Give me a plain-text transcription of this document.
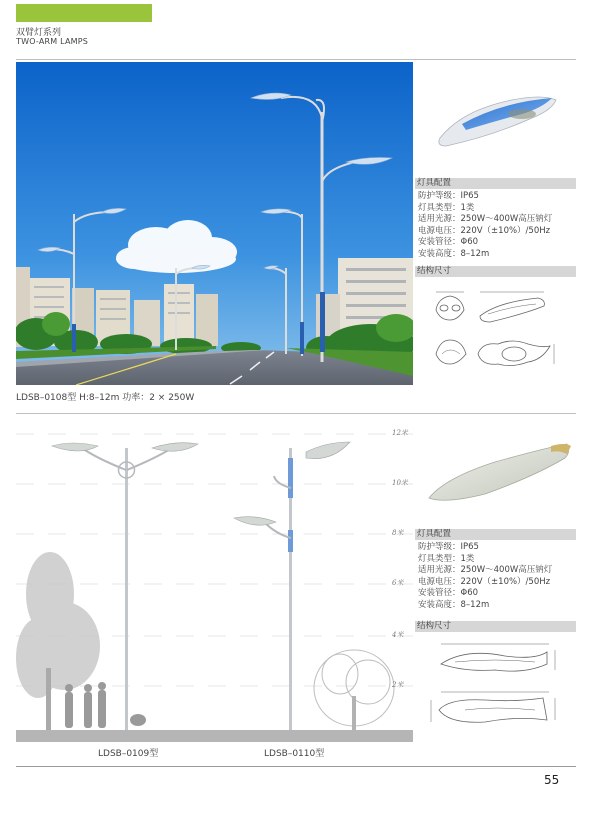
双臂灯系列
TWO-ARM LAMPS
灯具配置
防护等级：IP65
灯具类型：1类
适用光源：250W～400W高压钠灯
电源电压：220V（±10%）/50Hz
安装管径：Φ60
安装高度：8–12m
结构尺寸
LDSB–0108型 H:8–12m 功率：2 × 250W
12米
10米
8米
6米
4米
2米
灯具配置
防护等级：IP65
灯具类型：1类
适用光源：250W～400W高压钠灯
电源电压：220V（±10%）/50Hz
安装管径：Φ60
安装高度：8–12m
结构尺寸
LDSB–0109型	LDSB–0110型
55
